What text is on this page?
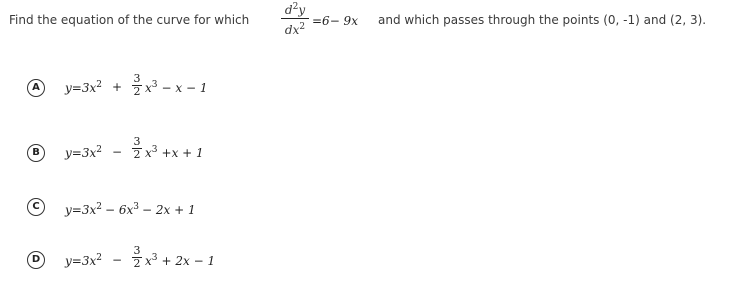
Find the equation of the curve for which
$d^2y$
$dx^2 =6- 9x$ and which passes through the points (0, -1) and (2, 3).
A	$y=3x^2$ +
3
2 $x^3 - x - 1$
B	$y=3x^2$ −
3
2 $x^3 +x + 1$
C	$y=3x^2 - 6x^3 - 2x + 1$
D	$y=3x^2$ −
3
2 $x^3 + 2x - 1$
